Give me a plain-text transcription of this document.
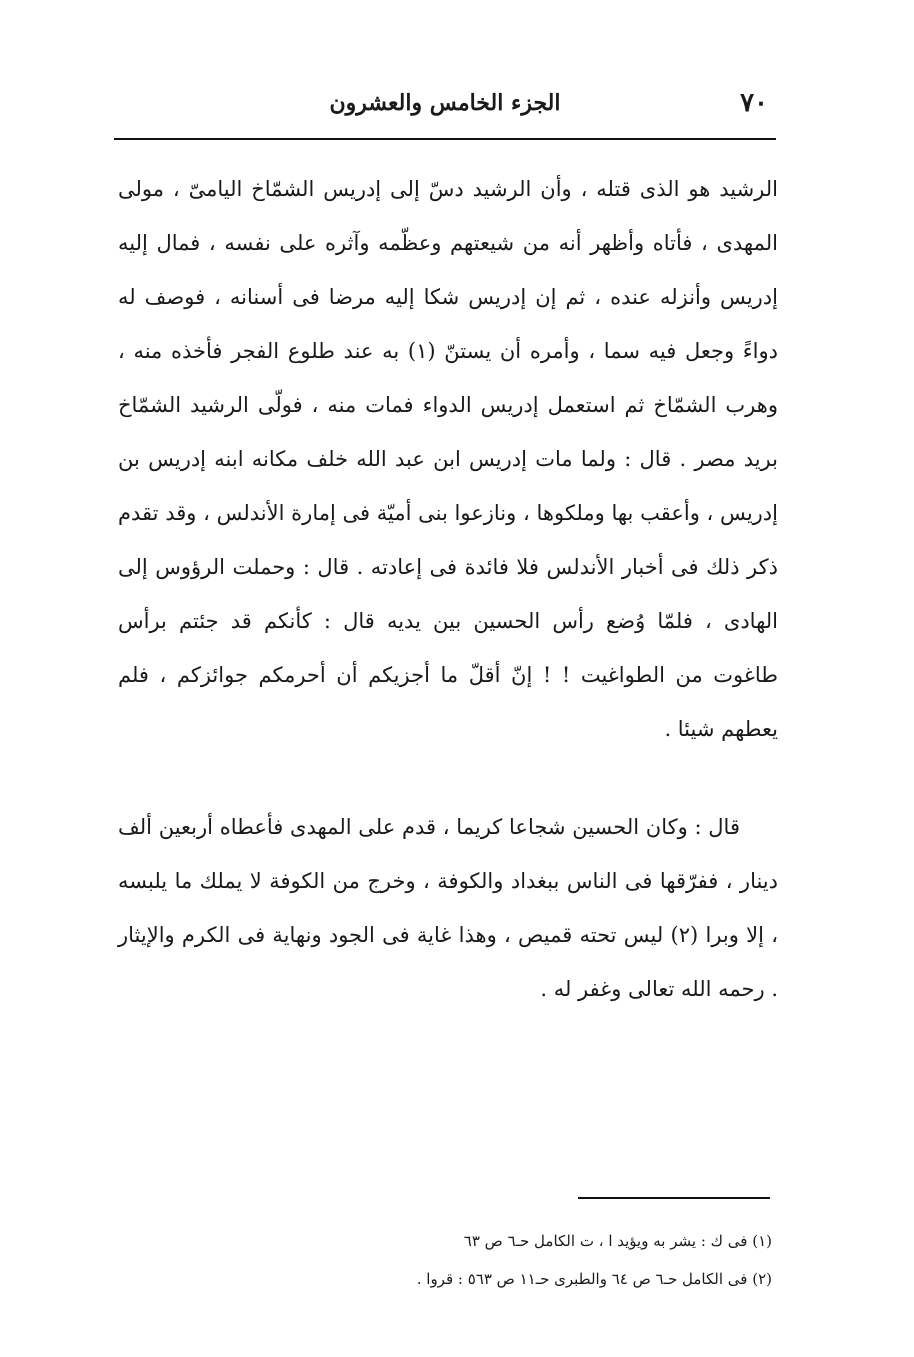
٧٠
الجزء الخامس والعشرون

الرشيد هو الذى قتله ، وأن الرشيد دسّ إلى إدريس الشمّاخ اليامىّ ، مولى المهدى ، فأتاه وأظهر أنه من شيعتهم وعظّمه وآثره على نفسه ، فمال إليه إدريس وأنزله عنده ، ثم إن إدريس شكا إليه مرضا فى أسنانه ، فوصف له دواءً وجعل فيه سما ، وأمره أن يستنّ (١) به عند طلوع الفجر فأخذه منه ، وهرب الشمّاخ ثم استعمل إدريس الدواء فمات منه ، فولّى الرشيد الشمّاخ بريد مصر . قال : ولما مات إدريس ابن عبد الله خلف مكانه ابنه إدريس بن إدريس ، وأعقب بها وملكوها ، ونازعوا بنى أميّة فى إمارة الأندلس ، وقد تقدم ذكر ذلك فى أخبار الأندلس فلا فائدة فى إعادته . قال : وحملت الرؤوس إلى الهادى ، فلمّا وُضع رأس الحسين بين يديه قال : كأنكم قد جئتم برأس طاغوت من الطواغيت ! ! إنّ أقلّ ما أجزيكم أن أحرمكم جوائزكم ، فلم يعطهم شيئا .

قال : وكان الحسين شجاعا كريما ، قدم على المهدى فأعطاه أربعين ألف دينار ، ففرّقها فى الناس ببغداد والكوفة ، وخرج من الكوفة لا يملك ما يلبسه ، إلا وبرا (٢) ليس تحته قميص ، وهذا غاية فى الجود ونهاية فى الكرم والإيثار . رحمه الله تعالى وغفر له .

(١) فى ك : يشر به ويؤيد ا ، ت الكامل حـ٦ ص ٦٣
(٢) فى الكامل حـ٦ ص ٦٤ والطبرى حـ١١ ص ٥٦٣ : قروا .
